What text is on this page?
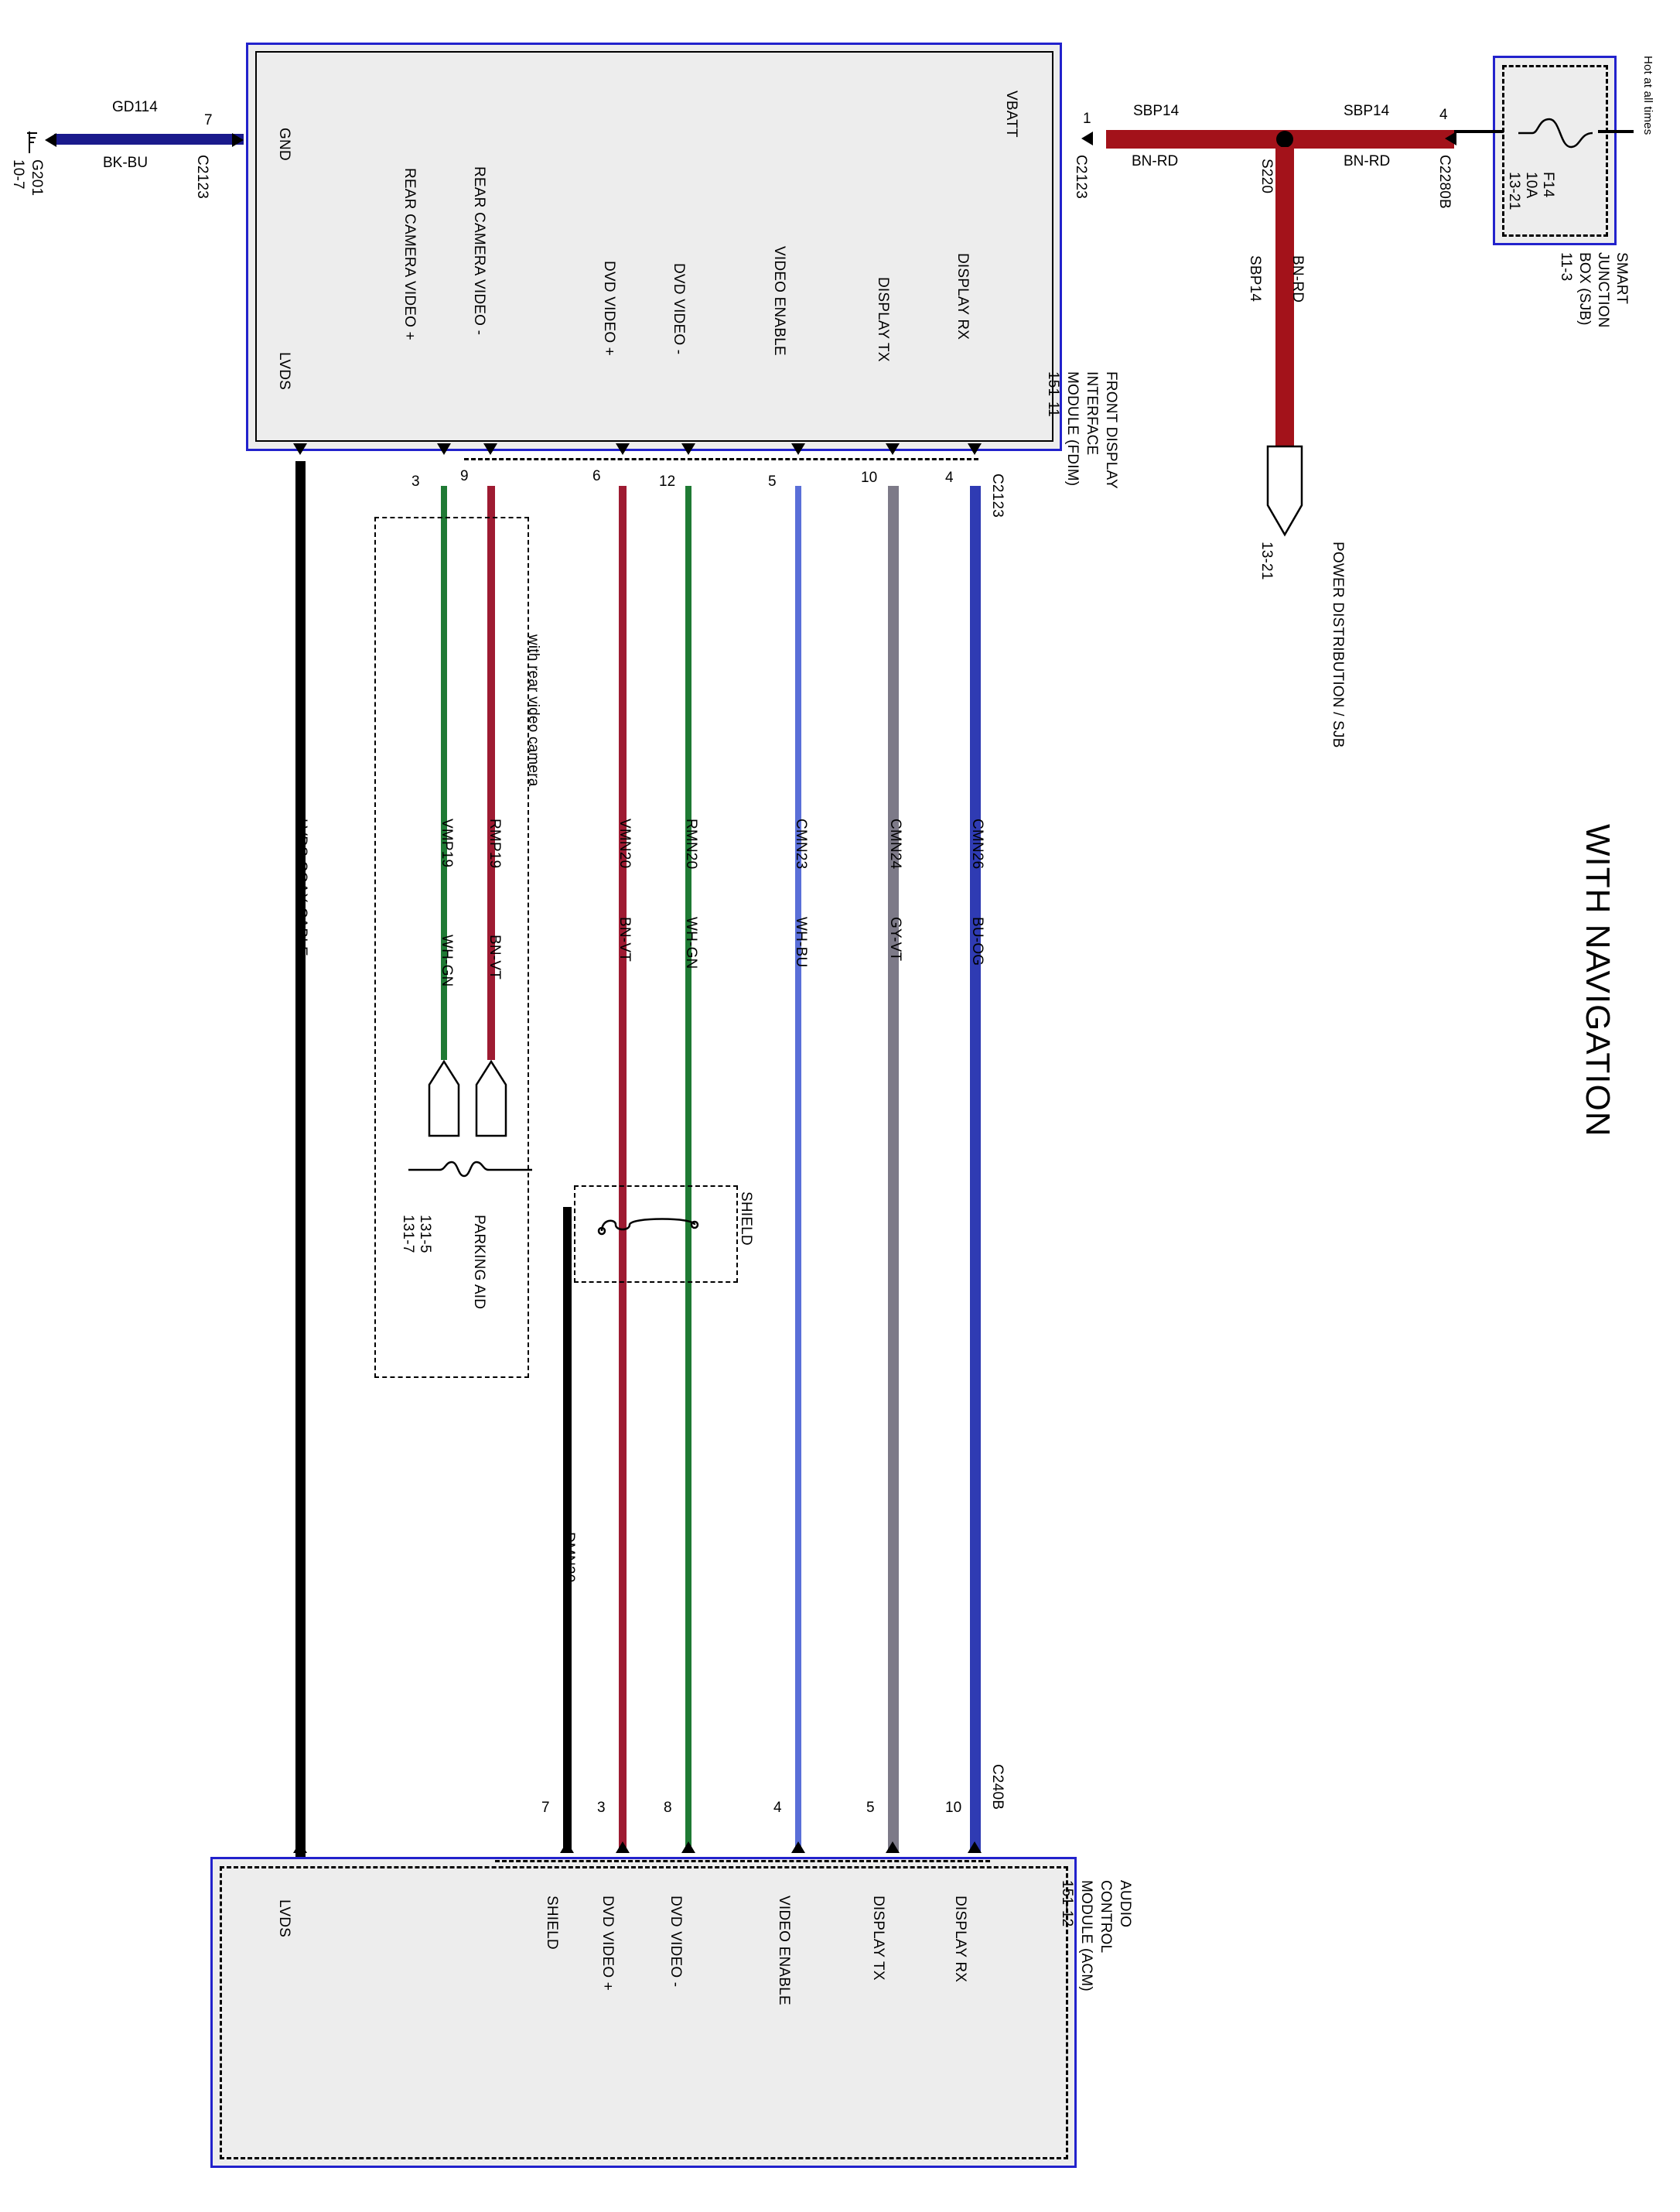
FRONT DISPLAY
INTERFACE
MODULE (FDIM)
151-11
VBATT
DISPLAY RX
DISPLAY TX
VIDEO ENABLE
DVD VIDEO -
DVD VIDEO +
REAR CAMERA VIDEO -
REAR CAMERA VIDEO +
LVDS
GND
GD114
BK-BU
G201
10-7
7
C2123
1
C2123
SBP14
BN-RD
SBP14
BN-RD
4
C2280B
S220
SBP14 BN-RD
POWER DISTRIBUTION / SJB
13-21
Hot at all times
F14
10A
13-21
SMART
JUNCTION
BOX (SJB)
11-3
WITH NAVIGATION
C2123
LVDS COAX CABLE
3
VMP19
WH-GN
9
RMP19
BN-VT
with rear video camera
PARKING AID
131-5
131-7
6
VMN20
BN-VT
12
RMN20
WH-GN
DMN20
SHIELD
5
CMN23
WH-BU
10
CMN24
GY-VT
4
CMN26
BU-OG
AUDIO
CONTROL
MODULE (ACM)
151-12
C240B
LVDS	SHIELD	DVD VIDEO +	DVD VIDEO -	VIDEO ENABLE	DISPLAY TX	DISPLAY RX
7	3	8	4	5	10
